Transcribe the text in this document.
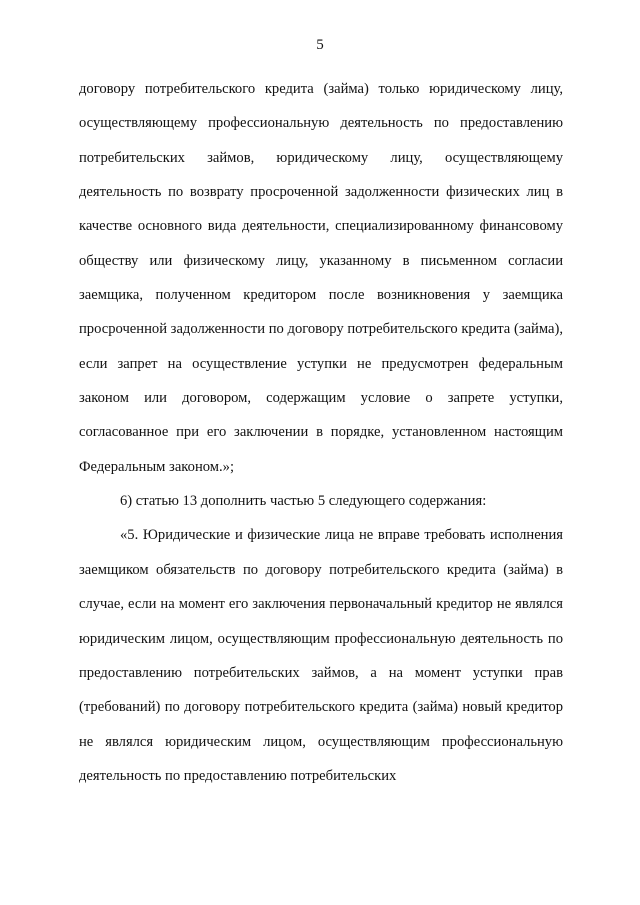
5

договору потребительского кредита (займа) только юридическому лицу, осуществляющему профессиональную деятельность по предоставлению потребительских займов, юридическому лицу, осуществляющему деятельность по возврату просроченной задолженности физических лиц в качестве основного вида деятельности, специализированному финансовому обществу или физическому лицу, указанному в письменном согласии заемщика, полученном кредитором после возникновения у заемщика просроченной задолженности по договору потребительского кредита (займа), если запрет на осуществление уступки не предусмотрен федеральным законом или договором, содержащим условие о запрете уступки, согласованное при его заключении в порядке, установленном настоящим Федеральным законом.»;

6) статью 13 дополнить частью 5 следующего содержания:

«5. Юридические и физические лица не вправе требовать исполнения заемщиком обязательств по договору потребительского кредита (займа) в случае, если на момент его заключения первоначальный кредитор не являлся юридическим лицом, осуществляющим профессиональную деятельность по предоставлению потребительских займов, а на момент уступки прав (требований) по договору потребительского кредита (займа) новый кредитор не являлся юридическим лицом, осуществляющим профессиональную деятельность по предоставлению потребительских
